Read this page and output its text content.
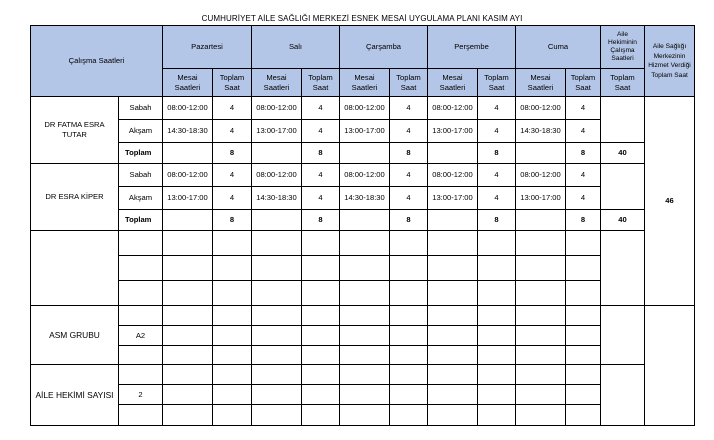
CUMHURİYET AİLE SAĞLIĞI MERKEZİ ESNEK MESAİ UYGULAMA PLANI KASIM AYI
Çalışma Saatleri		Pazartesi		Salı		Çarşamba		Perşembe		Cuma		Aile Hekiminin Çalışma Saatleri	Aile Sağlığı Merkezinin Hizmet Verdiği Toplam Saat
		Mesai Saatleri	Toplam Saat	Mesai Saatleri	Toplam Saat	Mesai Saatleri	Toplam Saat	Mesai Saatleri	Toplam Saat	Mesai Saatleri	Toplam Saat	Toplam Saat	
DR FATMA ESRA TUTAR	Sabah	08:00-12:00	4	08:00-12:00	4	08:00-12:00	4	08:00-12:00	4	08:00-12:00	4		46
	Akşam	14:30-18:30	4	13:00-17:00	4	13:00-17:00	4	13:00-17:00	4	14:30-18:30	4		
	Toplam		8		8		8		8		8	40	
DR ESRA KİPER	Sabah	08:00-12:00	4	08:00-12:00	4	08:00-12:00	4	08:00-12:00	4	08:00-12:00	4		
	Akşam	13:00-17:00	4	14:30-18:30	4	14:30-18:30	4	13:00-17:00	4	13:00-17:00	4		
	Toplam		8		8		8		8		8	40	

ASM GRUBU													
	A2												

AİLE HEKİMİ SAYISI													
	2												
